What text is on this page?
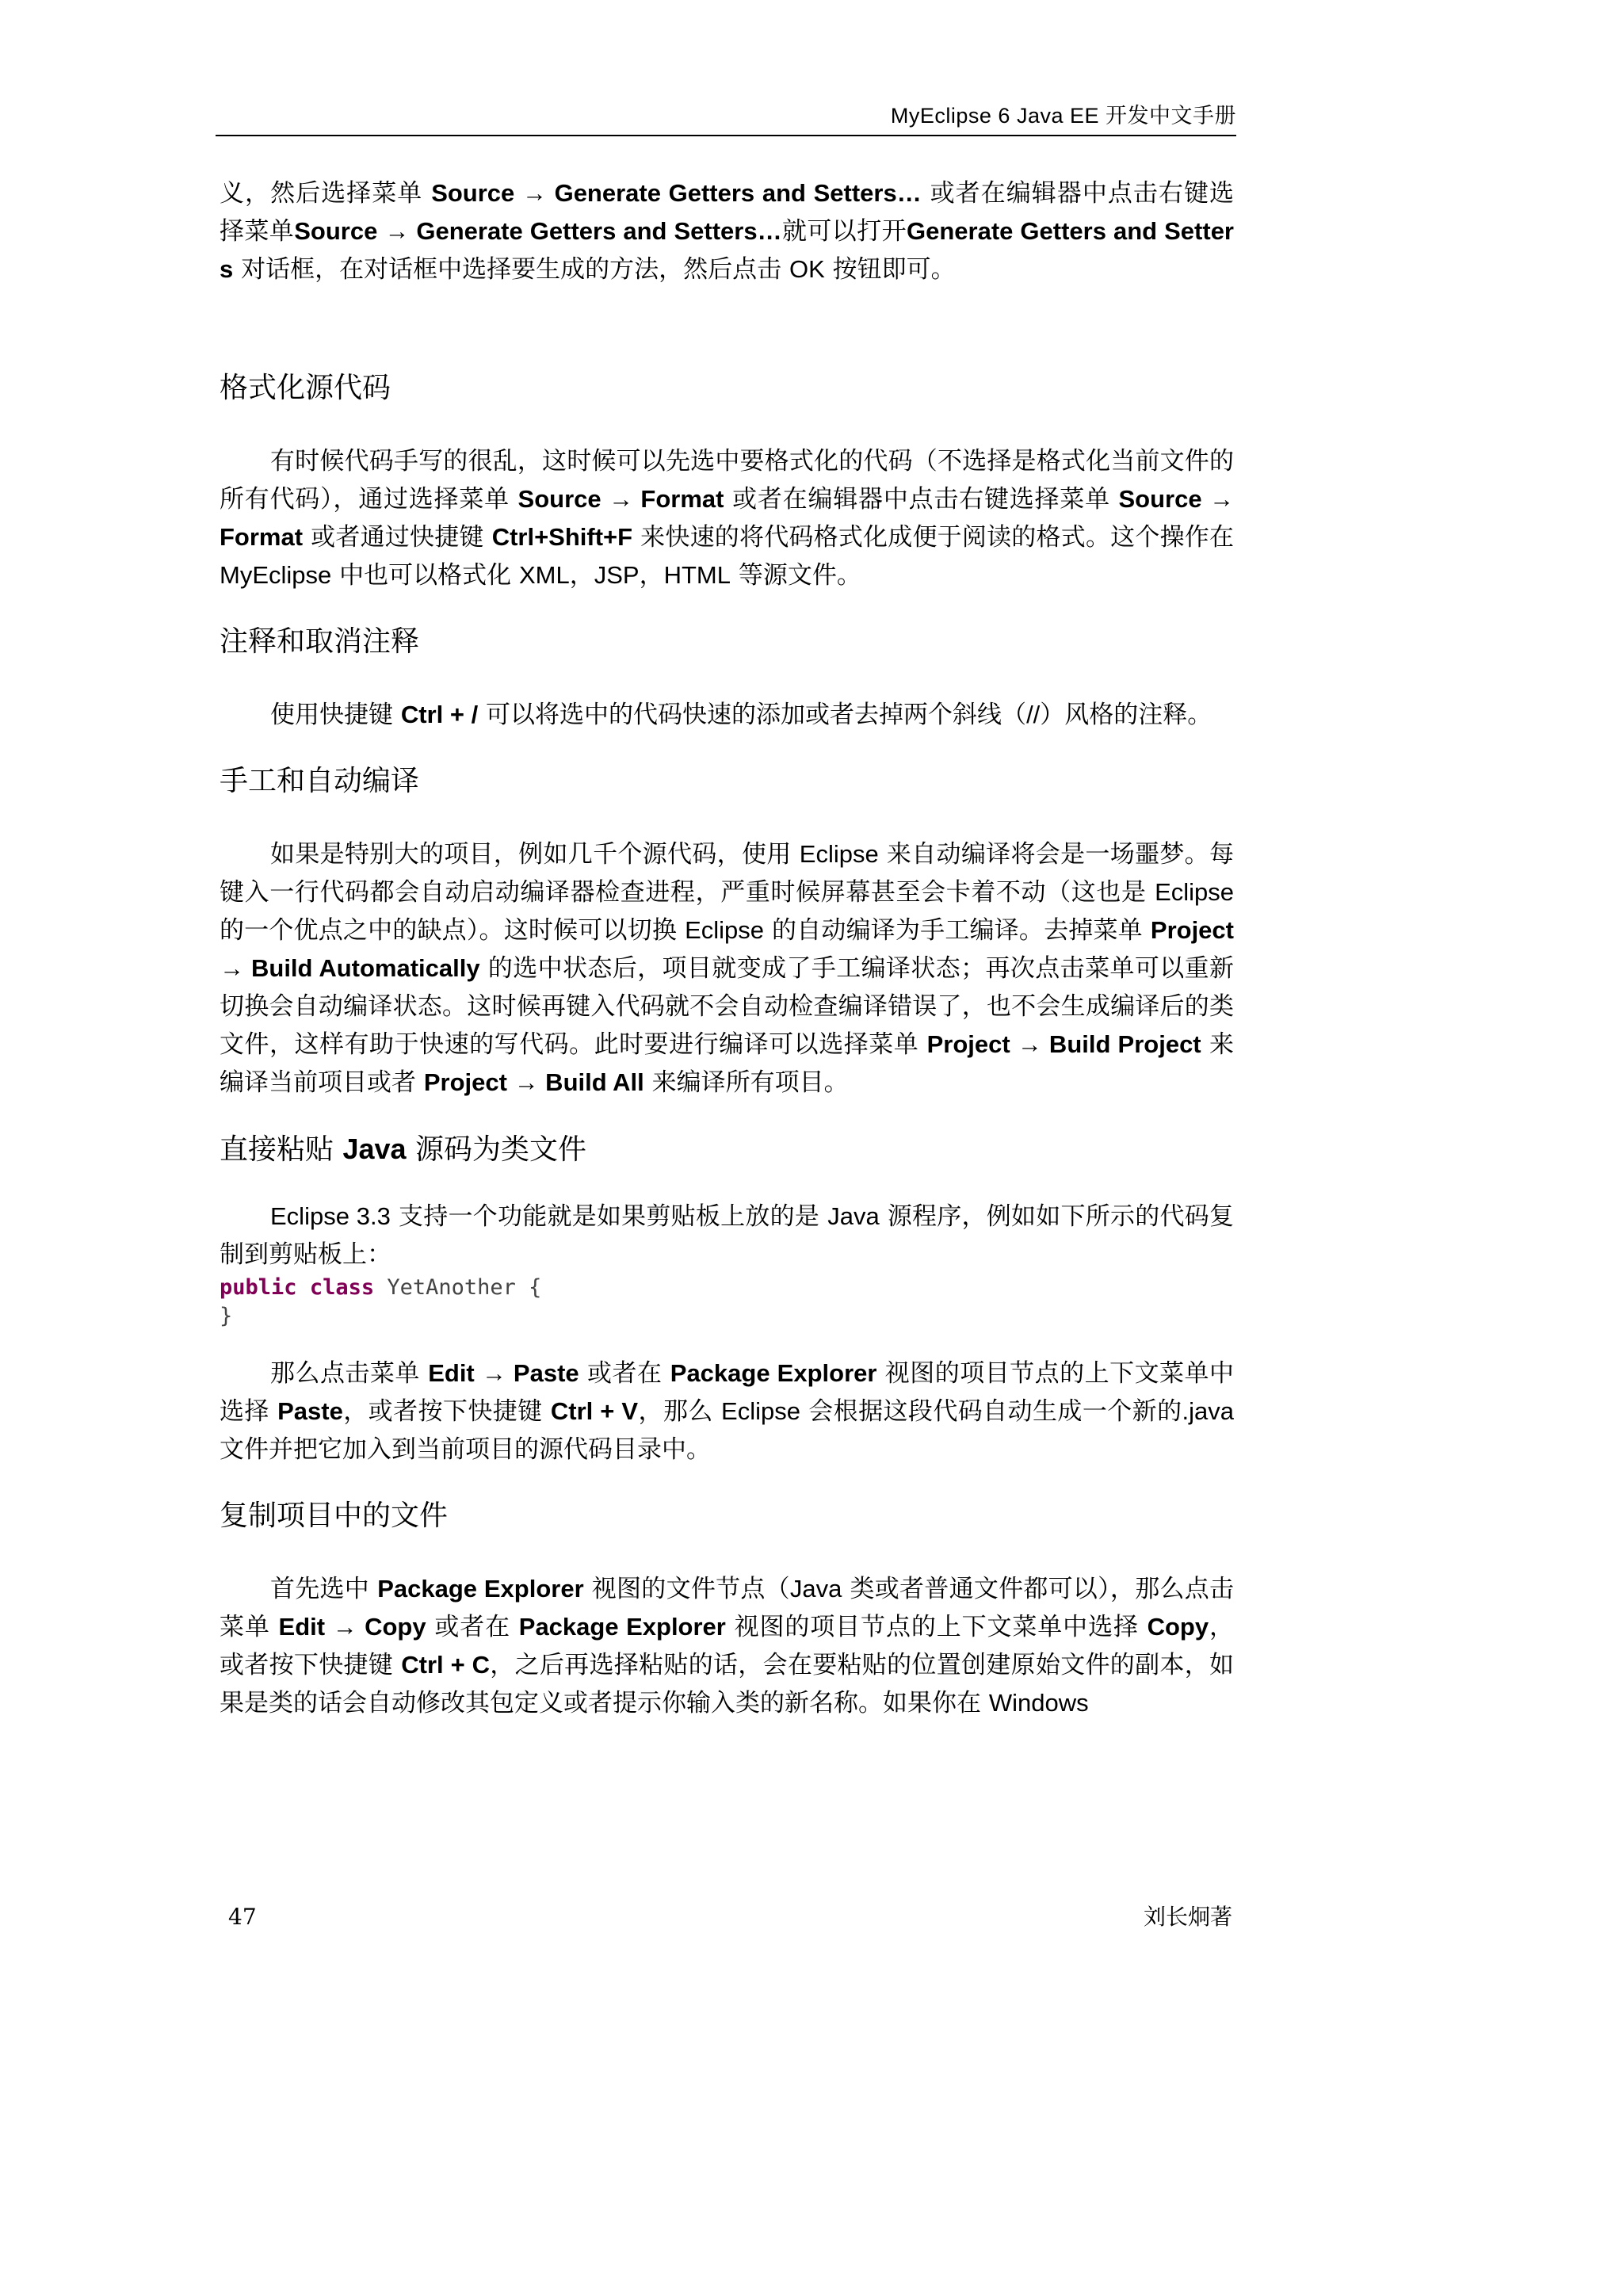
MyEclipse 6 Java EE 开发中文手册

义，然后选择菜单 Source → Generate Getters and Setters… 或者在编辑器中点击右键选择菜单Source → Generate Getters and Setters…就可以打开Generate Getters and Setters 对话框，在对话框中选择要生成的方法，然后点击 OK 按钮即可。

格式化源代码

有时候代码手写的很乱，这时候可以先选中要格式化的代码（不选择是格式化当前文件的所有代码），通过选择菜单 Source → Format 或者在编辑器中点击右键选择菜单 Source → Format 或者通过快捷键 Ctrl+Shift+F 来快速的将代码格式化成便于阅读的格式。这个操作在 MyEclipse 中也可以格式化 XML，JSP，HTML 等源文件。

注释和取消注释

使用快捷键 Ctrl + / 可以将选中的代码快速的添加或者去掉两个斜线（//）风格的注释。

手工和自动编译

如果是特别大的项目，例如几千个源代码，使用 Eclipse 来自动编译将会是一场噩梦。每键入一行代码都会自动启动编译器检查进程，严重时候屏幕甚至会卡着不动（这也是 Eclipse 的一个优点之中的缺点）。这时候可以切换 Eclipse 的自动编译为手工编译。去掉菜单 Project → Build Automatically 的选中状态后，项目就变成了手工编译状态；再次点击菜单可以重新切换会自动编译状态。这时候再键入代码就不会自动检查编译错误了，也不会生成编译后的类文件，这样有助于快速的写代码。此时要进行编译可以选择菜单 Project → Build Project 来编译当前项目或者 Project → Build All 来编译所有项目。

直接粘贴 Java 源码为类文件

Eclipse 3.3 支持一个功能就是如果剪贴板上放的是 Java 源程序，例如如下所示的代码复制到剪贴板上：

public class YetAnother {

}

那么点击菜单 Edit → Paste 或者在 Package Explorer 视图的项目节点的上下文菜单中选择 Paste，或者按下快捷键 Ctrl + V，那么 Eclipse 会根据这段代码自动生成一个新的.java 文件并把它加入到当前项目的源代码目录中。

复制项目中的文件

首先选中 Package Explorer 视图的文件节点（Java 类或者普通文件都可以），那么点击菜单 Edit → Copy 或者在 Package Explorer 视图的项目节点的上下文菜单中选择 Copy，或者按下快捷键 Ctrl + C，之后再选择粘贴的话，会在要粘贴的位置创建原始文件的副本，如果是类的话会自动修改其包定义或者提示你输入类的新名称。如果你在 Windows

47	刘长炯著
